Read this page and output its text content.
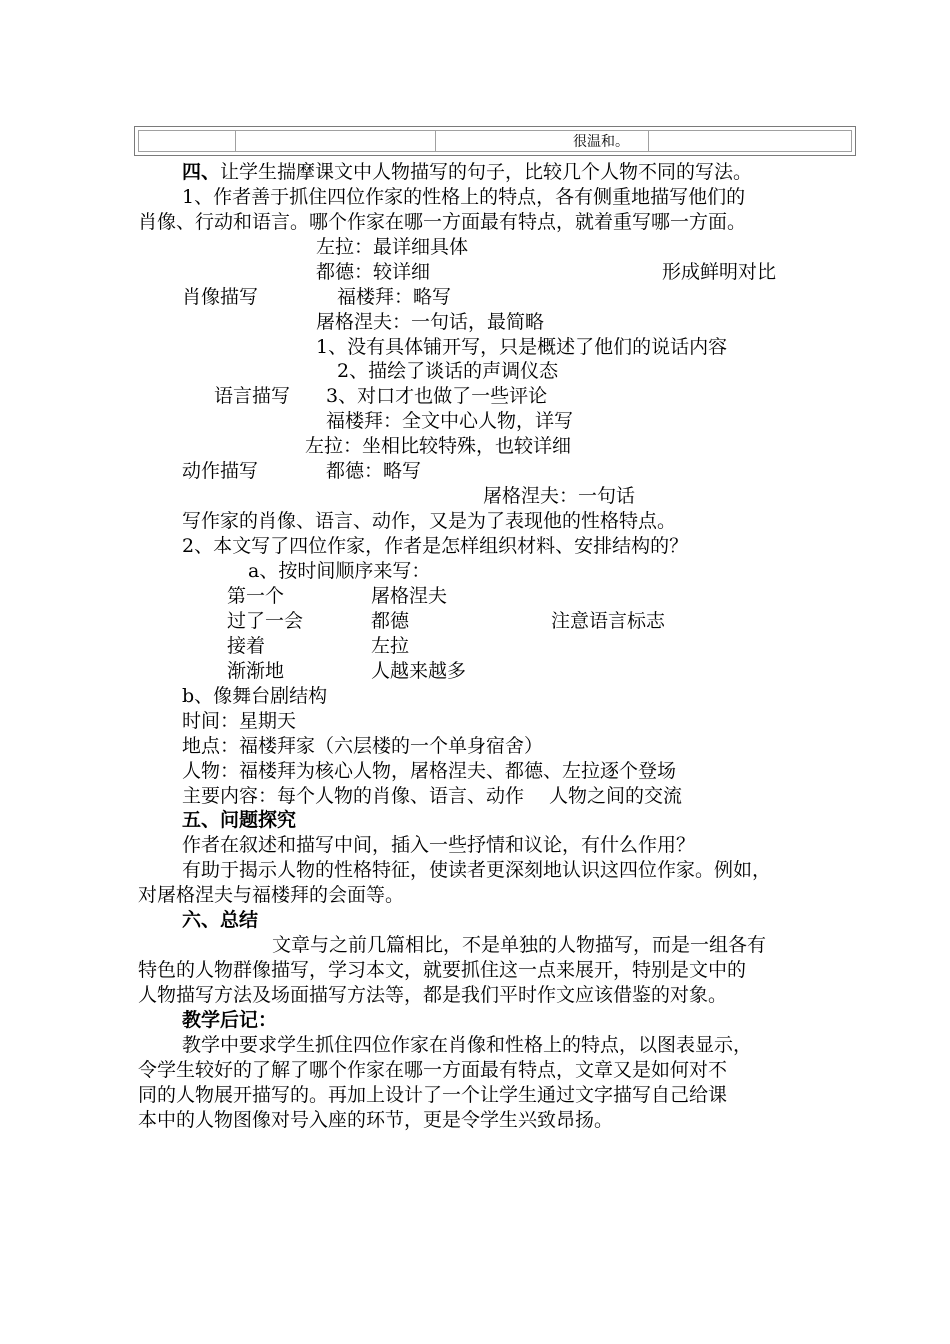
很温和。
四、让学生揣摩课文中人物描写的句子，比较几个人物不同的写法。
1、作者善于抓住四位作家的性格上的特点，各有侧重地描写他们的
肖像、行动和语言。哪个作家在哪一方面最有特点，就着重写哪一方面。
左拉：最详细具体
都德：较详细	形成鲜明对比
肖像描写	福楼拜：略写
屠格涅夫：一句话，最简略
1、没有具体铺开写，只是概述了他们的说话内容
2、描绘了谈话的声调仪态
语言描写 3、对口才也做了一些评论
福楼拜：全文中心人物，详写
左拉：坐相比较特殊，也较详细
动作描写	都德：略写
屠格涅夫：一句话
写作家的肖像、语言、动作，又是为了表现他的性格特点。
2、本文写了四位作家，作者是怎样组织材料、安排结构的？
a、按时间顺序来写：
第一个	屠格涅夫
过了一会	都德	注意语言标志
接着	左拉
渐渐地	人越来越多
b、像舞台剧结构
时间：星期天
地点：福楼拜家（六层楼的一个单身宿舍）
人物：福楼拜为核心人物，屠格涅夫、都德、左拉逐个登场
主要内容：每个人物的肖像、语言、动作　 人物之间的交流
五、问题探究
作者在叙述和描写中间，插入一些抒情和议论，有什么作用？
有助于揭示人物的性格特征，使读者更深刻地认识这四位作家。例如，
对屠格涅夫与福楼拜的会面等。
六、总结
文章与之前几篇相比，不是单独的人物描写，而是一组各有
特色的人物群像描写，学习本文，就要抓住这一点来展开，特别是文中的
人物描写方法及场面描写方法等，都是我们平时作文应该借鉴的对象。
教学后记：
教学中要求学生抓住四位作家在肖像和性格上的特点，以图表显示，
令学生较好的了解了哪个作家在哪一方面最有特点，文章又是如何对不
同的人物展开描写的。再加上设计了一个让学生通过文字描写自己给课
本中的人物图像对号入座的环节，更是令学生兴致昂扬。
